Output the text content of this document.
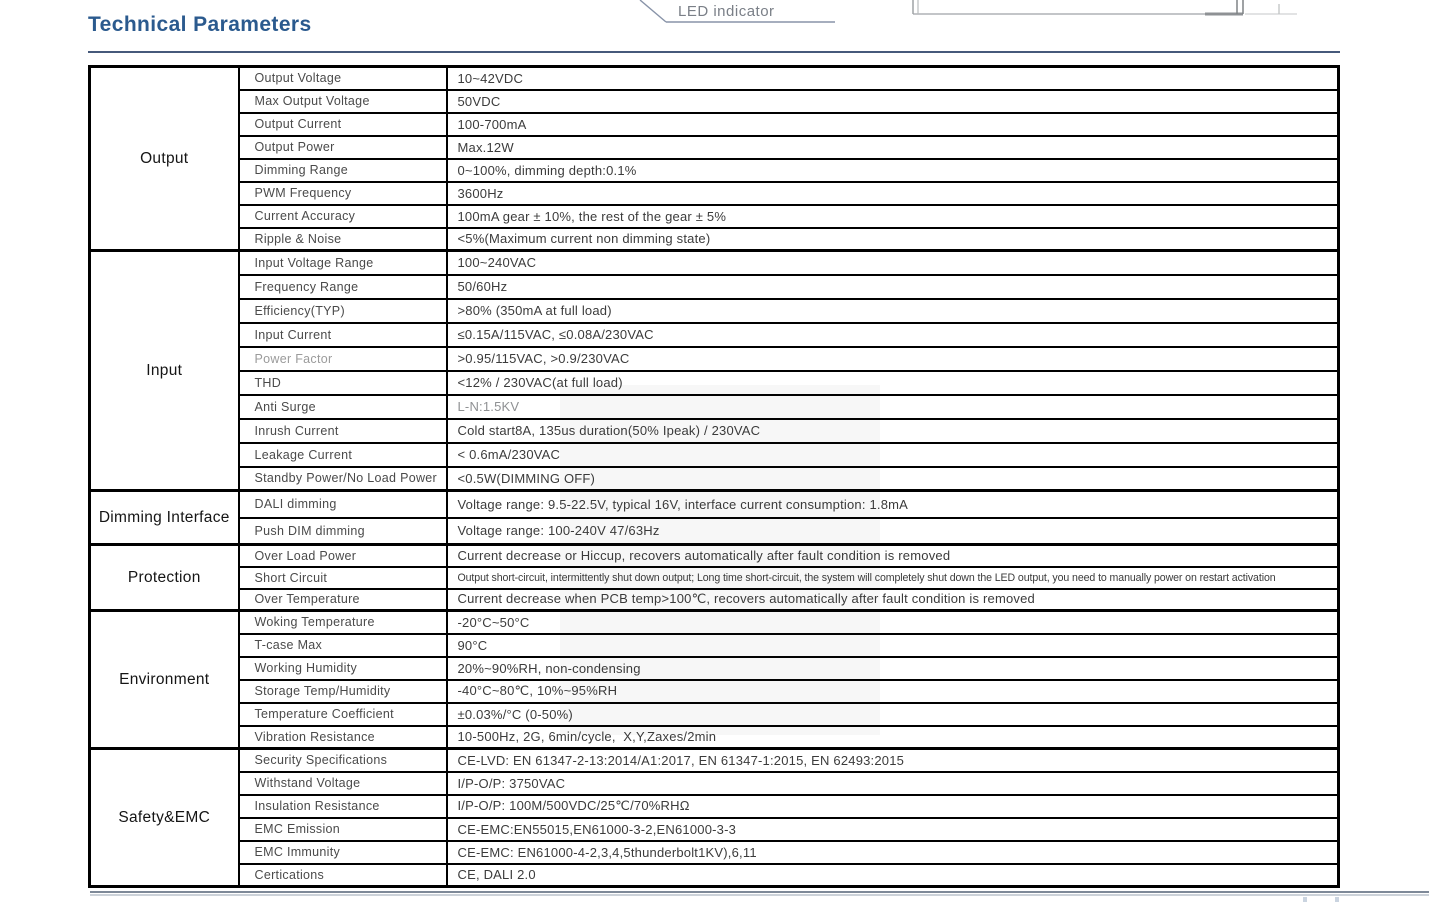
LED indicator
Technical Parameters
Output	Output Voltage	10~42VDC
	Max Output Voltage	50VDC
	Output Current	100-700mA
	Output Power	Max.12W
	Dimming Range	0~100%, dimming depth:0.1%
	PWM Frequency	3600Hz
	Current Accuracy	100mA gear ± 10%, the rest of the gear ± 5%
	Ripple & Noise	<5%(Maximum current non dimming state)
Input	Input Voltage Range	100~240VAC
	Frequency Range	50/60Hz
	Efficiency(TYP)	>80% (350mA at full load)
	Input Current	≤0.15A/115VAC, ≤0.08A/230VAC
	Power Factor	>0.95/115VAC, >0.9/230VAC
	THD	<12% / 230VAC(at full load)
	Anti Surge	L-N:1.5KV
	Inrush Current	Cold start8A, 135us duration(50% Ipeak) / 230VAC
	Leakage Current	< 0.6mA/230VAC
	Standby Power/No Load Power	<0.5W(DIMMING OFF)
Dimming Interface	DALI dimming	Voltage range: 9.5-22.5V, typical 16V, interface current consumption: 1.8mA
	Push DIM dimming	Voltage range: 100-240V 47/63Hz
Protection	Over Load Power	Current decrease or Hiccup, recovers automatically after fault condition is removed
	Short Circuit	Output short-circuit, intermittently shut down output; Long time short-circuit, the system will completely shut down the LED output, you need to manually power on restart activation
	Over Temperature	Current decrease when PCB temp>100℃, recovers automatically after fault condition is removed
Environment	Woking Temperature	-20°C~50°C
	T-case Max	90°C
	Working Humidity	20%~90%RH, non-condensing
	Storage Temp/Humidity	-40°C~80℃, 10%~95%RH
	Temperature Coefficient	±0.03%/°C (0-50%)
	Vibration Resistance	10-500Hz, 2G, 6min/cycle,  X,Y,Zaxes/2min
Safety&EMC	Security Specifications	CE-LVD: EN 61347-2-13:2014/A1:2017, EN 61347-1:2015, EN 62493:2015
	Withstand Voltage	I/P-O/P: 3750VAC
	Insulation Resistance	I/P-O/P: 100M/500VDC/25℃/70%RHΩ
	EMC Emission	CE-EMC:EN55015,EN61000-3-2,EN61000-3-3
	EMC Immunity	CE-EMC: EN61000-4-2,3,4,5thunderbolt1KV),6,11
	Certications	CE, DALI 2.0
